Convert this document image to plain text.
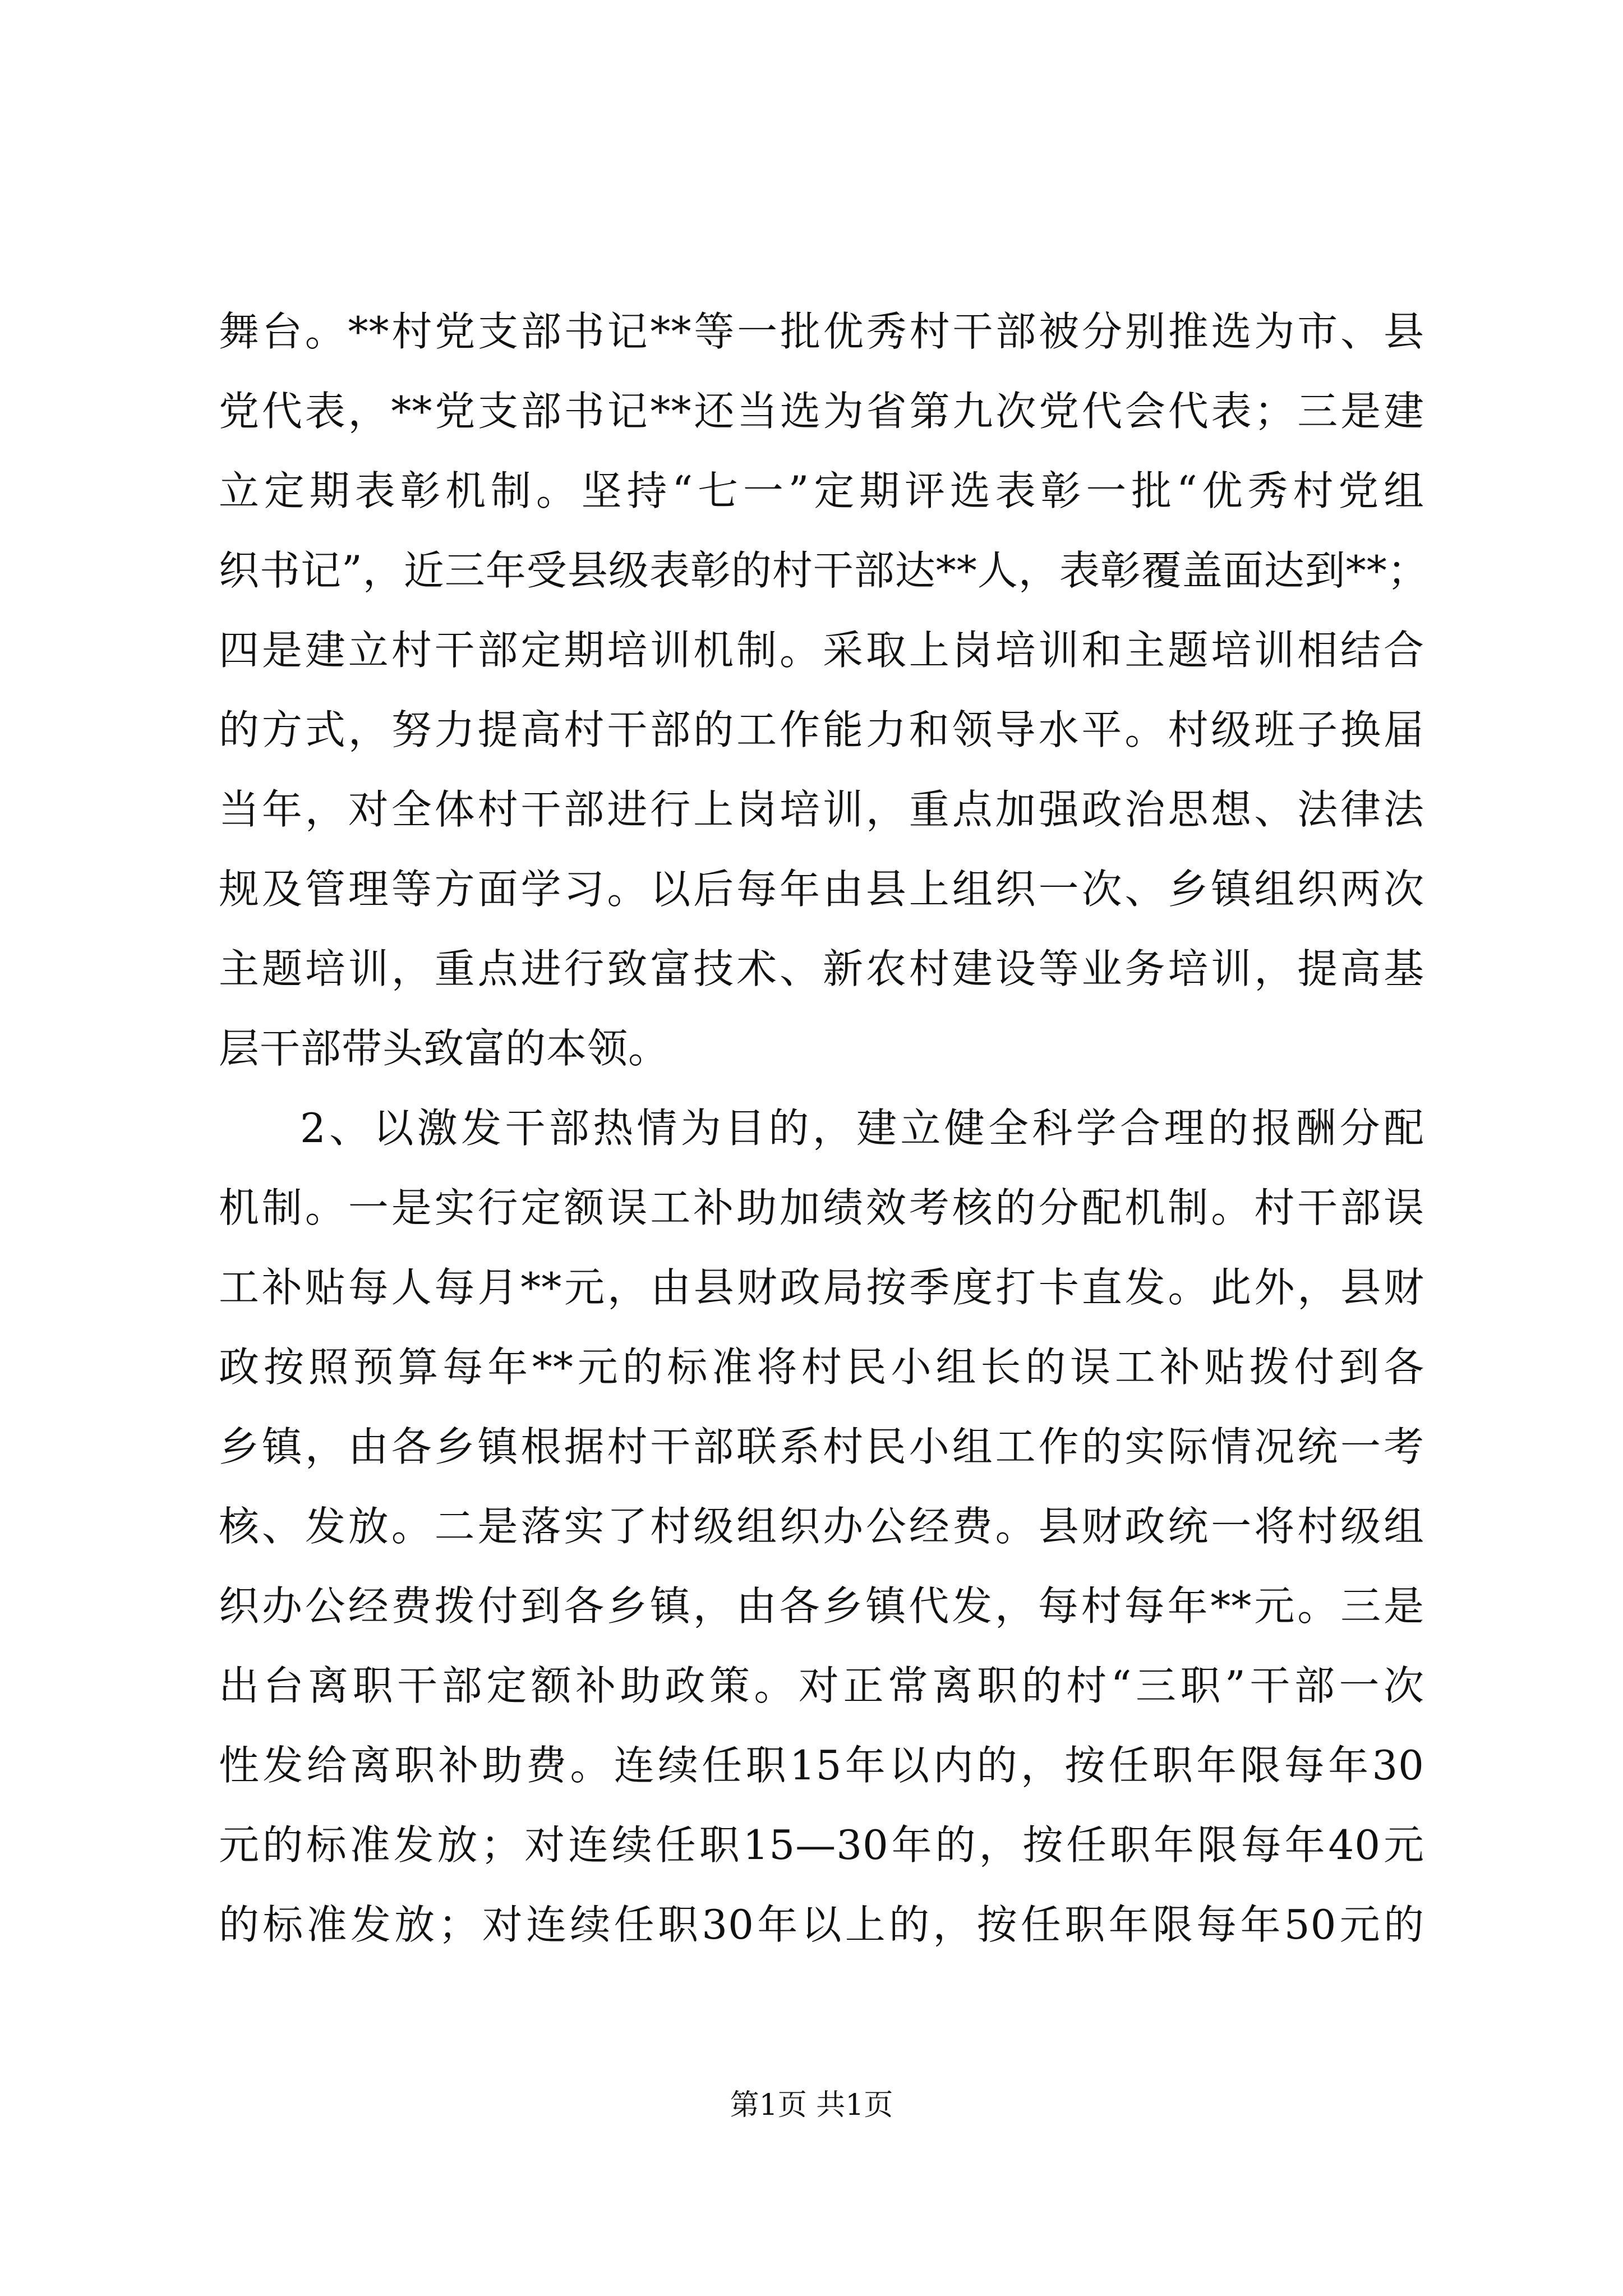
舞台。**村党支部书记**等一批优秀村干部被分别推选为市、县
党代表，**党支部书记**还当选为省第九次党代会代表；三是建
立定期表彰机制。坚持“七一”定期评选表彰一批“优秀村党组
织书记”，近三年受县级表彰的村干部达**人，表彰覆盖面达到**；
四是建立村干部定期培训机制。采取上岗培训和主题培训相结合
的方式，努力提高村干部的工作能力和领导水平。村级班子换届
当年，对全体村干部进行上岗培训，重点加强政治思想、法律法
规及管理等方面学习。以后每年由县上组织一次、乡镇组织两次
主题培训，重点进行致富技术、新农村建设等业务培训，提高基
层干部带头致富的本领。
2、以激发干部热情为目的，建立健全科学合理的报酬分配
机制。一是实行定额误工补助加绩效考核的分配机制。村干部误
工补贴每人每月**元，由县财政局按季度打卡直发。此外，县财
政按照预算每年**元的标准将村民小组长的误工补贴拨付到各
乡镇，由各乡镇根据村干部联系村民小组工作的实际情况统一考
核、发放。二是落实了村级组织办公经费。县财政统一将村级组
织办公经费拨付到各乡镇，由各乡镇代发，每村每年**元。三是
出台离职干部定额补助政策。对正常离职的村“三职”干部一次
性发给离职补助费。连续任职15年以内的，按任职年限每年30
元的标准发放；对连续任职15—30年的，按任职年限每年40元
的标准发放；对连续任职30年以上的，按任职年限每年50元的
第1页 共1页
